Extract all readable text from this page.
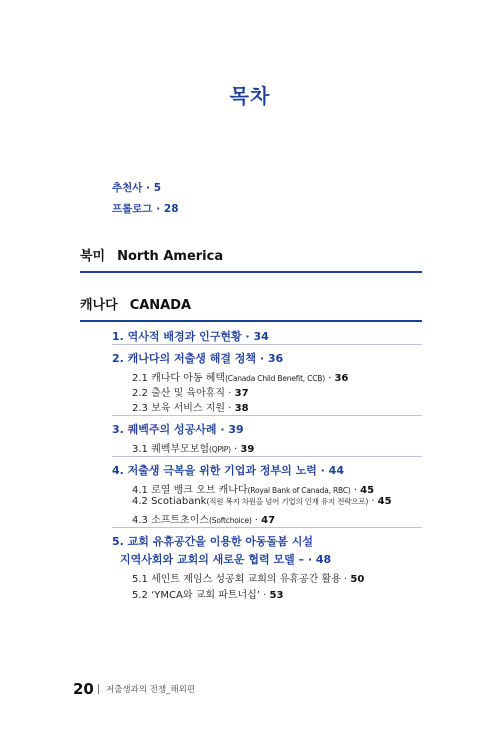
목차
추천사 · 5
프롤로그 · 28
북미 North America
캐나다 CANADA
1. 역사적 배경과 인구현황 · 34
2. 캐나다의 저출생 해결 정책 · 36
2.1 캐나다 아동 혜택(Canada Child Benefit, CCB) · 36
2.2 출산 및 육아휴직 · 37
2.3 보육 서비스 지원 · 38
3. 퀘벡주의 성공사례 · 39
3.1 퀘벡부모보험(QPIP) · 39
4. 저출생 극복을 위한 기업과 정부의 노력 · 44
4.1 로열 뱅크 오브 캐나다(Royal Bank of Canada, RBC) · 45
4.2 Scotiabank(직원 복지 차원을 넘어 기업의 인재 유지 전략으로) · 45
4.3 소프트초이스(Softchoice) · 47
5. 교회 유휴공간을 이용한 아동돌봄 시설
지역사회와 교회의 새로운 협력 모델 – · 48
5.1 세인트 제임스 성공회 교회의 유휴공간 활용 · 50
5.2 ‘YMCA와 교회 파트너십’ · 53
20 저출생과의 전쟁_해외편
